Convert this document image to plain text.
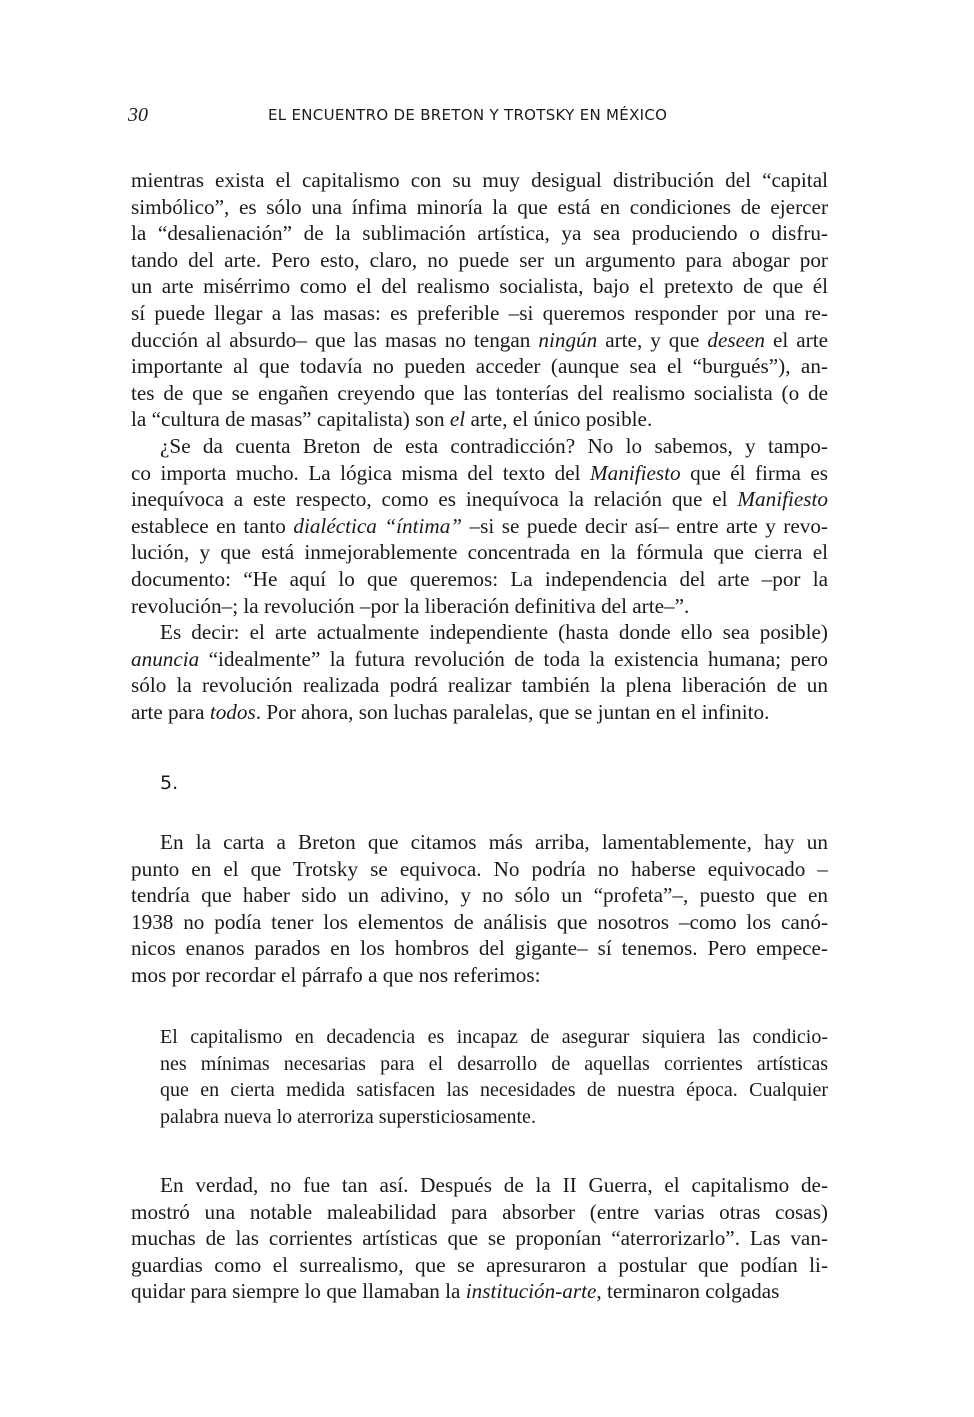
30	EL ENCUENTRO DE BRETON Y TROTSKY EN MÉXICO

mientras exista el capitalismo con su muy desigual distribución del “capital
simbólico”, es sólo una ínfima minoría la que está en condiciones de ejercer
la “desalienación” de la sublimación artística, ya sea produciendo o disfru-
tando del arte. Pero esto, claro, no puede ser un argumento para abogar por
un arte misérrimo como el del realismo socialista, bajo el pretexto de que él
sí puede llegar a las masas: es preferible –si queremos responder por una re-
ducción al absurdo– que las masas no tengan ningún arte, y que deseen el arte
importante al que todavía no pueden acceder (aunque sea el “burgués”), an-
tes de que se engañen creyendo que las tonterías del realismo socialista (o de
la “cultura de masas” capitalista) son el arte, el único posible.

¿Se da cuenta Breton de esta contradicción? No lo sabemos, y tampo-
co importa mucho. La lógica misma del texto del Manifiesto que él firma es
inequívoca a este respecto, como es inequívoca la relación que el Manifiesto
establece en tanto dialéctica “íntima” –si se puede decir así– entre arte y revo-
lución, y que está inmejorablemente concentrada en la fórmula que cierra el
documento: “He aquí lo que queremos: La independencia del arte –por la
revolución–; la revolución –por la liberación definitiva del arte–”.

Es decir: el arte actualmente independiente (hasta donde ello sea posible)
anuncia “idealmente” la futura revolución de toda la existencia humana; pero
sólo la revolución realizada podrá realizar también la plena liberación de un
arte para todos. Por ahora, son luchas paralelas, que se juntan en el infinito.

5.

En la carta a Breton que citamos más arriba, lamentablemente, hay un
punto en el que Trotsky se equivoca. No podría no haberse equivocado –
tendría que haber sido un adivino, y no sólo un “profeta”–, puesto que en
1938 no podía tener los elementos de análisis que nosotros –como los canó-
nicos enanos parados en los hombros del gigante– sí tenemos. Pero empece-
mos por recordar el párrafo a que nos referimos:

El capitalismo en decadencia es incapaz de asegurar siquiera las condicio-
nes mínimas necesarias para el desarrollo de aquellas corrientes artísticas
que en cierta medida satisfacen las necesidades de nuestra época. Cualquier
palabra nueva lo aterroriza supersticiosamente.

En verdad, no fue tan así. Después de la II Guerra, el capitalismo de-
mostró una notable maleabilidad para absorber (entre varias otras cosas)
muchas de las corrientes artísticas que se proponían “aterrorizarlo”. Las van-
guardias como el surrealismo, que se apresuraron a postular que podían li-
quidar para siempre lo que llamaban la institución-arte, terminaron colgadas
